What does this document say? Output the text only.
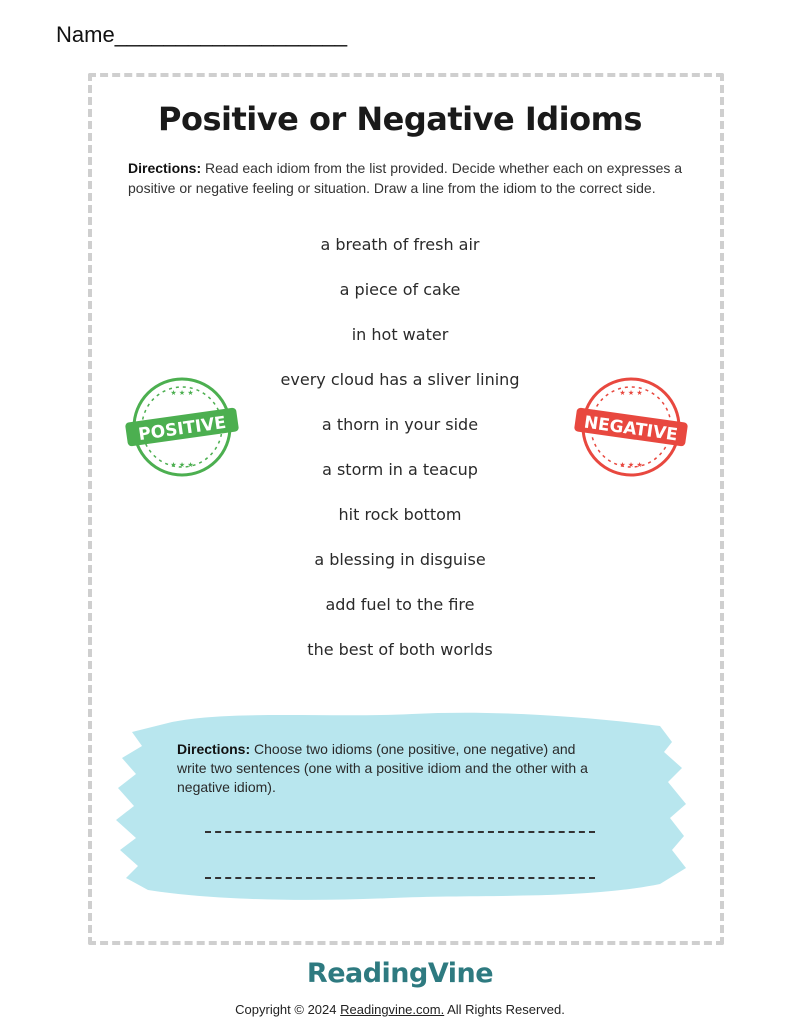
Name___________________
Positive or Negative Idioms
Directions: Read each idiom from the list provided. Decide whether each on expresses a positive or negative feeling or situation. Draw a line from the idiom to the correct side.
a breath of fresh air
a piece of cake
in hot water
every cloud has a sliver lining
a thorn in your side
a storm in a teacup
hit rock bottom
a blessing in disguise
add fuel to the fire
the best of both worlds
★ ★ ★
★ ★ ★
POSITIVE
★ ★ ★
★ ★ ★
NEGATIVE
Directions: Choose two idioms (one positive, one negative) and write two sentences (one with a positive idiom and the other with a negative idiom).
ReadingVine
Copyright © 2024 Readingvine.com. All Rights Reserved.
